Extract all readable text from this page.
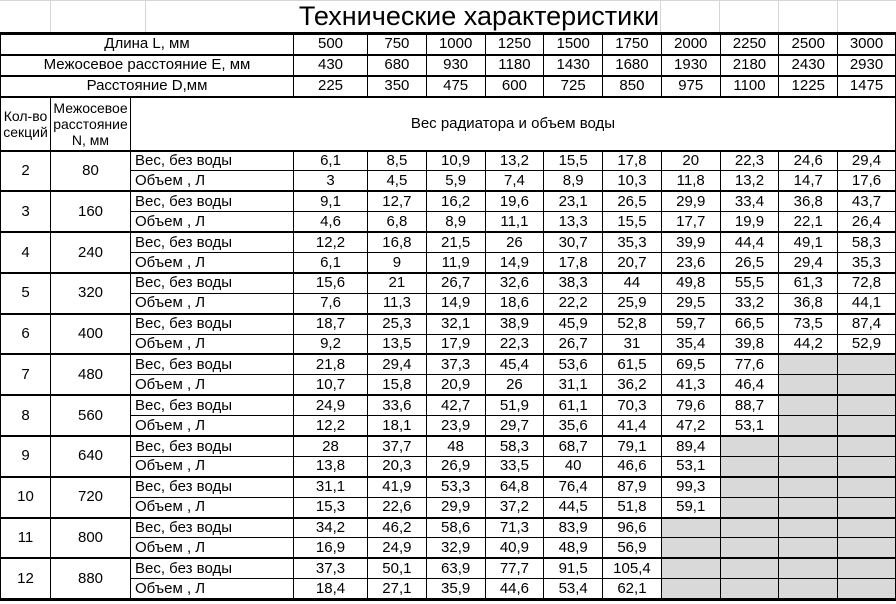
Технические характеристики
Длина L, мм			500	750	1000	1250	1500	1750	2000	2250	2500	3000
Межосевое расстояние E, мм			430	680	930	1180	1430	1680	1930	2180	2430	2930
Расстояние D,мм			225	350	475	600	725	850	975	1100	1225	1475
Кол-во секций	Межосевое расстояние N, мм	Вес радиатора и объем воды										
2	80	Вес, без воды	6,1	8,5	10,9	13,2	15,5	17,8	20	22,3	24,6	29,4
		Объем , Л	3	4,5	5,9	7,4	8,9	10,3	11,8	13,2	14,7	17,6
3	160	Вес, без воды	9,1	12,7	16,2	19,6	23,1	26,5	29,9	33,4	36,8	43,7
		Объем , Л	4,6	6,8	8,9	11,1	13,3	15,5	17,7	19,9	22,1	26,4
4	240	Вес, без воды	12,2	16,8	21,5	26	30,7	35,3	39,9	44,4	49,1	58,3
		Объем , Л	6,1	9	11,9	14,9	17,8	20,7	23,6	26,5	29,4	35,3
5	320	Вес, без воды	15,6	21	26,7	32,6	38,3	44	49,8	55,5	61,3	72,8
		Объем , Л	7,6	11,3	14,9	18,6	22,2	25,9	29,5	33,2	36,8	44,1
6	400	Вес, без воды	18,7	25,3	32,1	38,9	45,9	52,8	59,7	66,5	73,5	87,4
		Объем , Л	9,2	13,5	17,9	22,3	26,7	31	35,4	39,8	44,2	52,9
7	480	Вес, без воды	21,8	29,4	37,3	45,4	53,6	61,5	69,5	77,6		
		Объем , Л	10,7	15,8	20,9	26	31,1	36,2	41,3	46,4		
8	560	Вес, без воды	24,9	33,6	42,7	51,9	61,1	70,3	79,6	88,7		
		Объем , Л	12,2	18,1	23,9	29,7	35,6	41,4	47,2	53,1		
9	640	Вес, без воды	28	37,7	48	58,3	68,7	79,1	89,4			
		Объем , Л	13,8	20,3	26,9	33,5	40	46,6	53,1			
10	720	Вес, без воды	31,1	41,9	53,3	64,8	76,4	87,9	99,3			
		Объем , Л	15,3	22,6	29,9	37,2	44,5	51,8	59,1			
11	800	Вес, без воды	34,2	46,2	58,6	71,3	83,9	96,6				
		Объем , Л	16,9	24,9	32,9	40,9	48,9	56,9				
12	880	Вес, без воды	37,3	50,1	63,9	77,7	91,5	105,4				
		Объем , Л	18,4	27,1	35,9	44,6	53,4	62,1				
